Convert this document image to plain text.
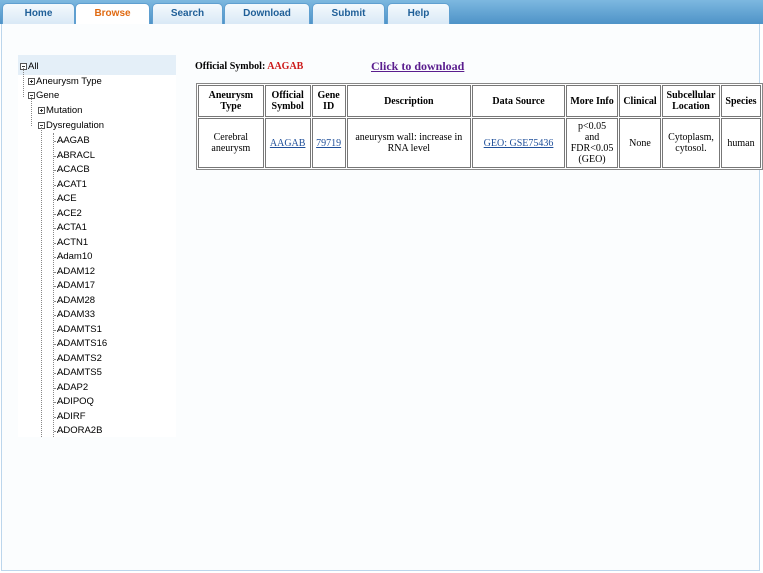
Home	Browse	Search	Download	Submit	Help
All
Aneurysm Type
Gene
Mutation
Dysregulation
AAGAB
ABRACL
ACACB
ACAT1
ACE
ACE2
ACTA1
ACTN1
Adam10
ADAM12
ADAM17
ADAM28
ADAM33
ADAMTS1
ADAMTS16
ADAMTS2
ADAMTS5
ADAP2
ADIPOQ
ADIRF
ADORA2B
Official Symbol: AAGAB	Click to download
Aneurysm Type	Official Symbol	Gene ID	Description	Data Source	More Info	Clinical	Subcellular Location	Species
Cerebral aneurysm	AAGAB	79719	aneurysm wall: increase in RNA level	GEO: GSE75436	p<0.05 and FDR<0.05 (GEO)	None	Cytoplasm, cytosol.	human
